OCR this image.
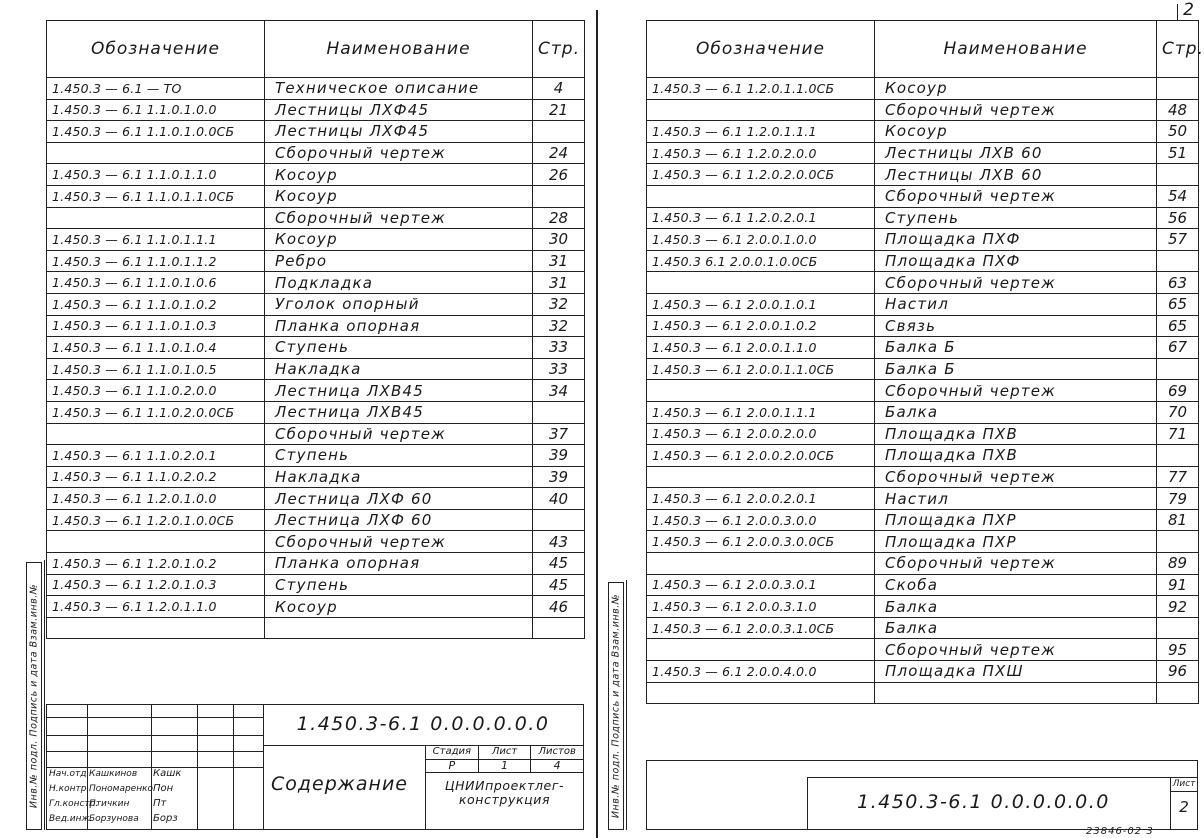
Обозначение	Наименование	Стр.
1.450.3 — 6.1 — ТО	Техническое описание	4
1.450.3 — 6.1 1.1.0.1.0.0	Лестницы ЛХФ45	21
1.450.3 — 6.1 1.1.0.1.0.0СБ	Лестницы ЛХФ45	
	Сборочный чертеж	24
1.450.3 — 6.1 1.1.0.1.1.0	Косоур	26
1.450.3 — 6.1 1.1.0.1.1.0СБ	Косоур	
	Сборочный чертеж	28
1.450.3 — 6.1 1.1.0.1.1.1	Косоур	30
1.450.3 — 6.1 1.1.0.1.1.2	Ребро	31
1.450.3 — 6.1 1.1.0.1.0.6	Подкладка	31
1.450.3 — 6.1 1.1.0.1.0.2	Уголок опорный	32
1.450.3 — 6.1 1.1.0.1.0.3	Планка опорная	32
1.450.3 — 6.1 1.1.0.1.0.4	Ступень	33
1.450.3 — 6.1 1.1.0.1.0.5	Накладка	33
1.450.3 — 6.1 1.1.0.2.0.0	Лестница ЛХВ45	34
1.450.3 — 6.1 1.1.0.2.0.0СБ	Лестница ЛХВ45	
	Сборочный чертеж	37
1.450.3 — 6.1 1.1.0.2.0.1	Ступень	39
1.450.3 — 6.1 1.1.0.2.0.2	Накладка	39
1.450.3 — 6.1 1.2.0.1.0.0	Лестница ЛХФ 60	40
1.450.3 — 6.1 1.2.0.1.0.0СБ	Лестница ЛХФ 60	
	Сборочный чертеж	43
1.450.3 — 6.1 1.2.0.1.0.2	Планка опорная	45
1.450.3 — 6.1 1.2.0.1.0.3	Ступень	45
1.450.3 — 6.1 1.2.0.1.1.0	Косоур	46

Инв.№ подл. Подпись и дата Взам.инв.№ Нач.отд. Кашкинов Кашк
Н.контр. Пономаренко Пон
Гл.констр.
Птичкин Пт
Вед.инж.
Борзунова Борз
1.450.3-6.1 0.0.0.0.0.0
Содержание
Стадия	Лист	Листов
Р	1	4
ЦНИИпроектлег-
конструкция
2
Обозначение	Наименование	Стр.
1.450.3 — 6.1 1.2.0.1.1.0СБ	Косоур	
	Сборочный чертеж	48
1.450.3 — 6.1 1.2.0.1.1.1	Косоур	50
1.450.3 — 6.1 1.2.0.2.0.0	Лестницы ЛХВ 60	51
1.450.3 — 6.1 1.2.0.2.0.0СБ	Лестницы ЛХВ 60	
	Сборочный чертеж	54
1.450.3 — 6.1 1.2.0.2.0.1	Ступень	56
1.450.3 — 6.1 2.0.0.1.0.0	Площадка ПХФ	57
1.450.3 6.1 2.0.0.1.0.0СБ	Площадка ПХФ	
	Сборочный чертеж	63
1.450.3 — 6.1 2.0.0.1.0.1	Настил	65
1.450.3 — 6.1 2.0.0.1.0.2	Связь	65
1.450.3 — 6.1 2.0.0.1.1.0	Балка Б	67
1.450.3 — 6.1 2.0.0.1.1.0СБ	Балка Б	
	Сборочный чертеж	69
1.450.3 — 6.1 2.0.0.1.1.1	Балка	70
1.450.3 — 6.1 2.0.0.2.0.0	Площадка ПХВ	71
1.450.3 — 6.1 2.0.0.2.0.0СБ	Площадка ПХВ	
	Сборочный чертеж	77
1.450.3 — 6.1 2.0.0.2.0.1	Настил	79
1.450.3 — 6.1 2.0.0.3.0.0	Площадка ПХР	81
1.450.3 — 6.1 2.0.0.3.0.0СБ	Площадка ПХР	
	Сборочный чертеж	89
1.450.3 — 6.1 2.0.0.3.0.1	Скоба	91
1.450.3 — 6.1 2.0.0.3.1.0	Балка	92
1.450.3 — 6.1 2.0.0.3.1.0СБ	Балка	
	Сборочный чертеж	95
1.450.3 — 6.1 2.0.0.4.0.0	Площадка ПХШ	96

Инв.№ подл. Подпись и дата Взам.инв.№	1.450.3-6.1 0.0.0.0.0.0
Лист
2
23846-02 3
